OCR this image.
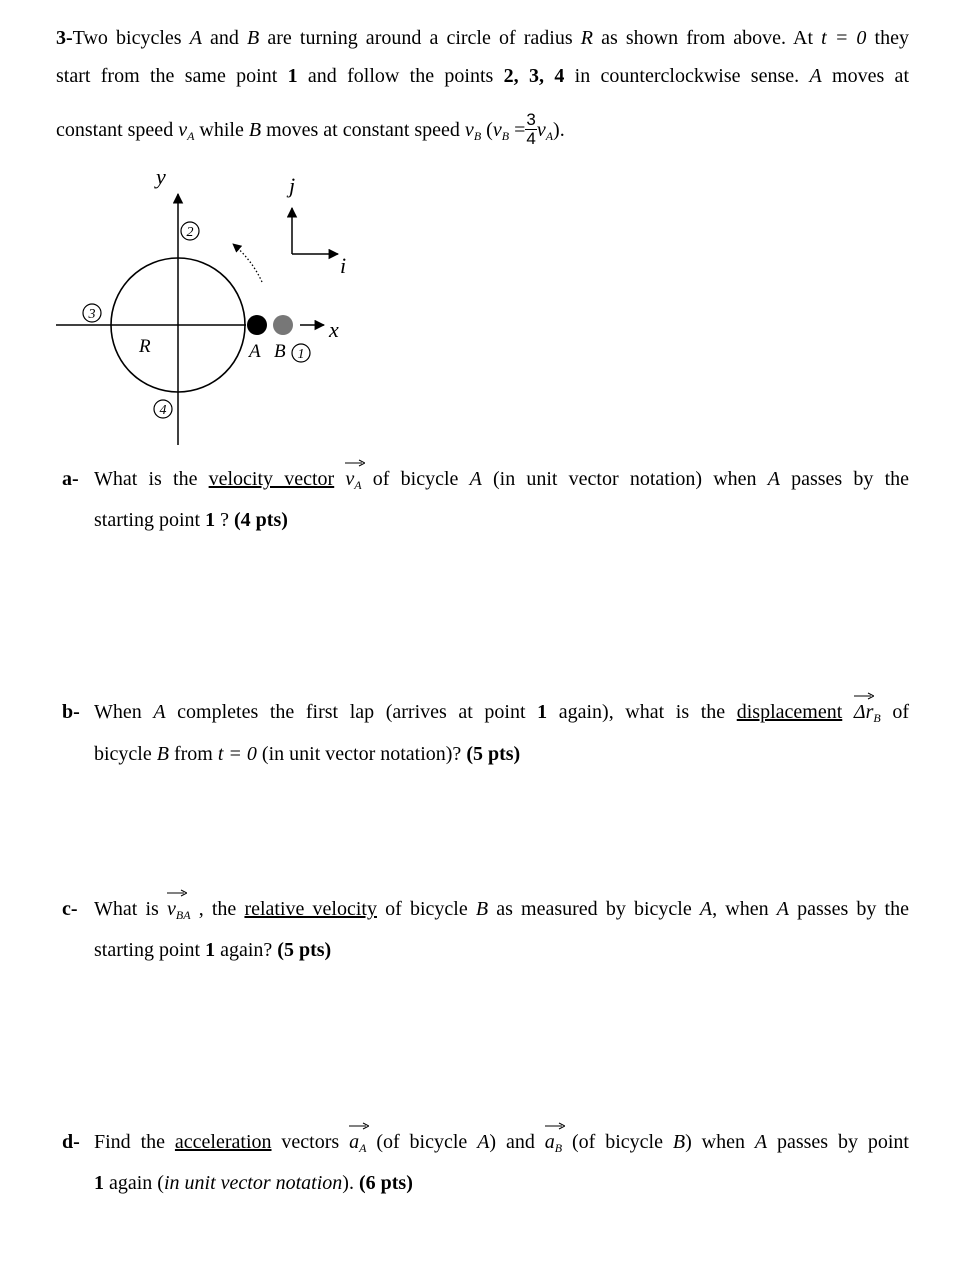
3-Two bicycles A and B are turning around a circle of radius R as shown from above. At t = 0 they
start from the same point 1 and follow the points 2, 3, 4 in counterclockwise sense. A moves at
constant speed $v_A$ while B moves at constant speed $v_B$ $(v_B = \frac{3}{4} v_A)$.
y
x
j
i
R	A B 1
2
3
4
a- What is the velocity vector $v_A$ of bicycle A (in unit vector notation) when A passes by the
starting point 1 ? (4 pts)
b- When A completes the first lap (arrives at point 1 again), what is the displacement $\Delta r_B$ of
bicycle B from t = 0 (in unit vector notation)? (5 pts)
c- What is
$v_{BA}$ , the relative velocity of bicycle B as measured by bicycle A, when A passes by the
starting point 1 again? (5 pts)
d- Find the acceleration vectors
$a_A$ (of bicycle A) and
$a_B$ (of bicycle B) when A passes by point
1 again (in unit vector notation). (6 pts)
